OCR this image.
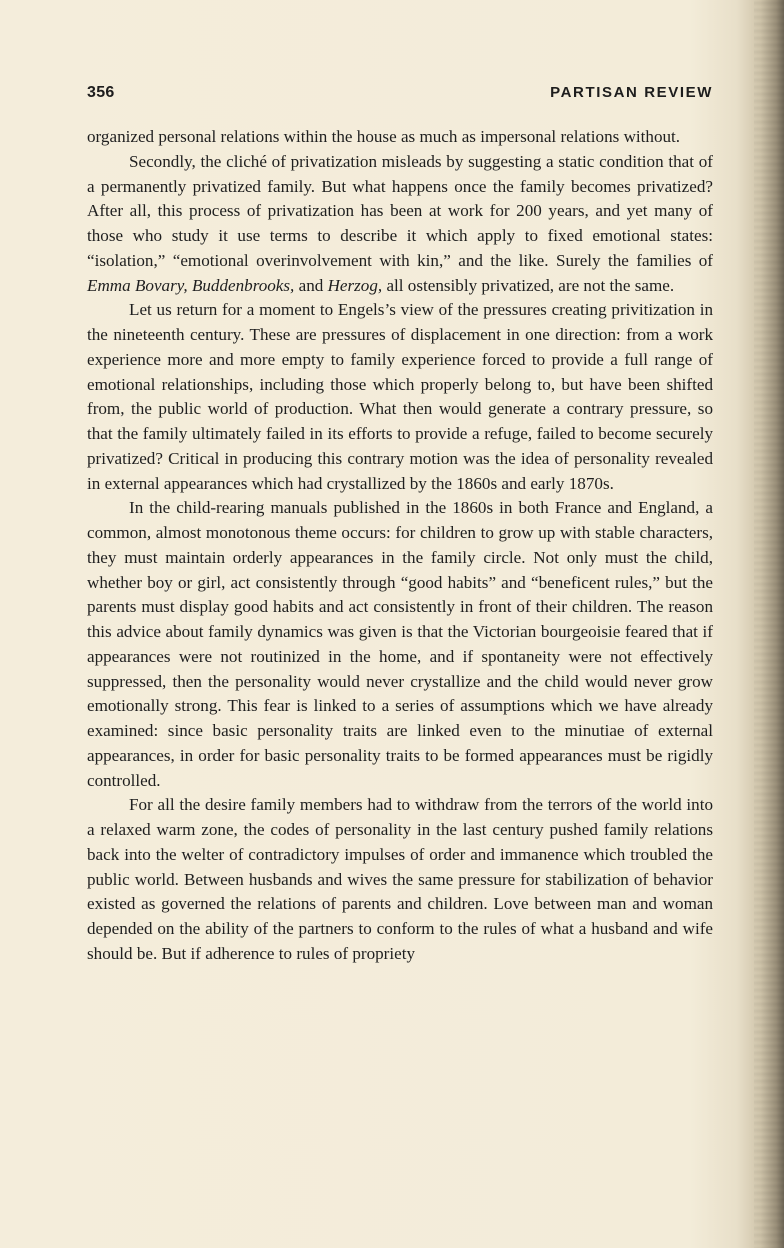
356	PARTISAN REVIEW

organized personal relations within the house as much as impersonal relations without.

Secondly, the cliché of privatization misleads by suggesting a static condition that of a permanently privatized family. But what happens once the family becomes privatized? After all, this process of privatization has been at work for 200 years, and yet many of those who study it use terms to describe it which apply to fixed emotional states: “isolation,” “emotional overinvolvement with kin,” and the like. Surely the families of Emma Bovary, Buddenbrooks, and Herzog, all ostensibly privatized, are not the same.

Let us return for a moment to Engels’s view of the pressures creating privitization in the nineteenth century. These are pressures of displacement in one direction: from a work experience more and more empty to family experience forced to provide a full range of emotional relationships, including those which properly belong to, but have been shifted from, the public world of production. What then would generate a contrary pressure, so that the family ultimately failed in its efforts to provide a refuge, failed to become securely privatized? Critical in producing this contrary motion was the idea of personality revealed in external appearances which had crystallized by the 1860s and early 1870s.

In the child-rearing manuals published in the 1860s in both France and England, a common, almost monotonous theme occurs: for children to grow up with stable characters, they must maintain orderly appearances in the family circle. Not only must the child, whether boy or girl, act consistently through “good habits” and “beneficent rules,” but the parents must display good habits and act consistently in front of their children. The reason this advice about family dynamics was given is that the Victorian bourgeoisie feared that if appearances were not routinized in the home, and if spontaneity were not effectively suppressed, then the personality would never crystallize and the child would never grow emotionally strong. This fear is linked to a series of assumptions which we have already examined: since basic personality traits are linked even to the minutiae of external appearances, in order for basic personality traits to be formed appearances must be rigidly controlled.

For all the desire family members had to withdraw from the terrors of the world into a relaxed warm zone, the codes of personality in the last century pushed family relations back into the welter of contradictory impulses of order and immanence which troubled the public world. Between husbands and wives the same pressure for stabilization of behavior existed as governed the relations of parents and children. Love between man and woman depended on the ability of the partners to conform to the rules of what a husband and wife should be. But if adherence to rules of propriety
